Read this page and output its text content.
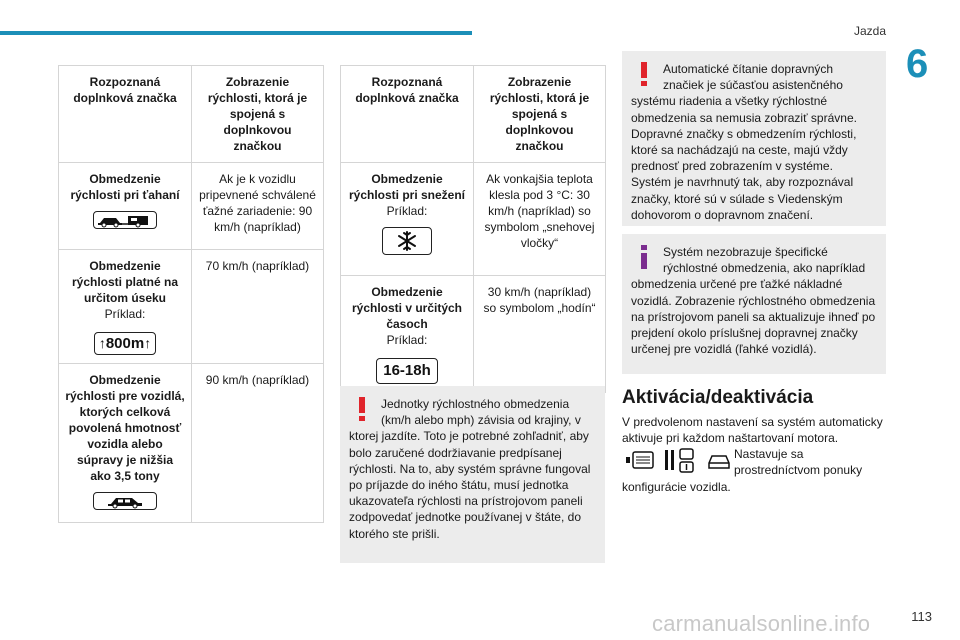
Jazda
6
Rozpoznaná doplnková značka	Zobrazenie rýchlosti, ktorá je spojená s doplnkovou značkou

Obmedzenie rýchlosti pri ťahaní	Ak je k vozidlu pripevnené schválené ťažné zariadenie: 90 km/h (napríklad)

Obmedzenie rýchlosti platné na určitom úseku
Príklad:
↑800m↑	70 km/h (napríklad)

Obmedzenie rýchlosti pre vozidlá, ktorých celková povolená hmotnosť vozidla alebo súpravy je nižšia ako 3,5 tony	90 km/h (napríklad)
Rozpoznaná doplnková značka	Zobrazenie rýchlosti, ktorá je spojená s doplnkovou značkou

Obmedzenie rýchlosti pri snežení
Príklad:	Ak vonkajšia teplota klesla pod 3 °C: 30 km/h (napríklad) so symbolom „snehovej vločky“

Obmedzenie rýchlosti v určitých časoch
Príklad:
16-18h	30 km/h (napríklad) so symbolom „hodín“

Jednotky rýchlostného obmedzenia (km/h alebo mph) závisia od krajiny, v ktorej jazdíte. Toto je potrebné zohľadniť, aby bolo zaručené dodržiavanie predpísanej rýchlosti. Na to, aby systém správne fungoval po príjazde do iného štátu, musí jednotka ukazovateľa rýchlosti na prístrojovom paneli zodpovedať jednotke používanej v štáte, do ktorého ste prišli.

Automatické čítanie dopravných značiek je súčasťou asistenčného systému riadenia a všetky rýchlostné obmedzenia sa nemusia zobraziť správne. Dopravné značky s obmedzením rýchlosti, ktoré sa nachádzajú na ceste, majú vždy prednosť pred zobrazením v systéme. Systém je navrhnutý tak, aby rozpoznával značky, ktoré sú v súlade s Viedenským dohovorom o dopravnom značení.

Systém nezobrazuje špecifické rýchlostné obmedzenia, ako napríklad obmedzenia určené pre ťažké nákladné vozidlá. Zobrazenie rýchlostného obmedzenia na prístrojovom paneli sa aktualizuje ihneď po prejdení okolo príslušnej dopravnej značky určenej pre vozidlá (ľahké vozidlá).

Aktivácia/deaktivácia

V predvolenom nastavení sa systém automaticky aktivuje pri každom naštartovaní motora.

Nastavuje sa prostredníctvom ponuky

konfigurácie vozidla.

carmanualsonline.info	113
